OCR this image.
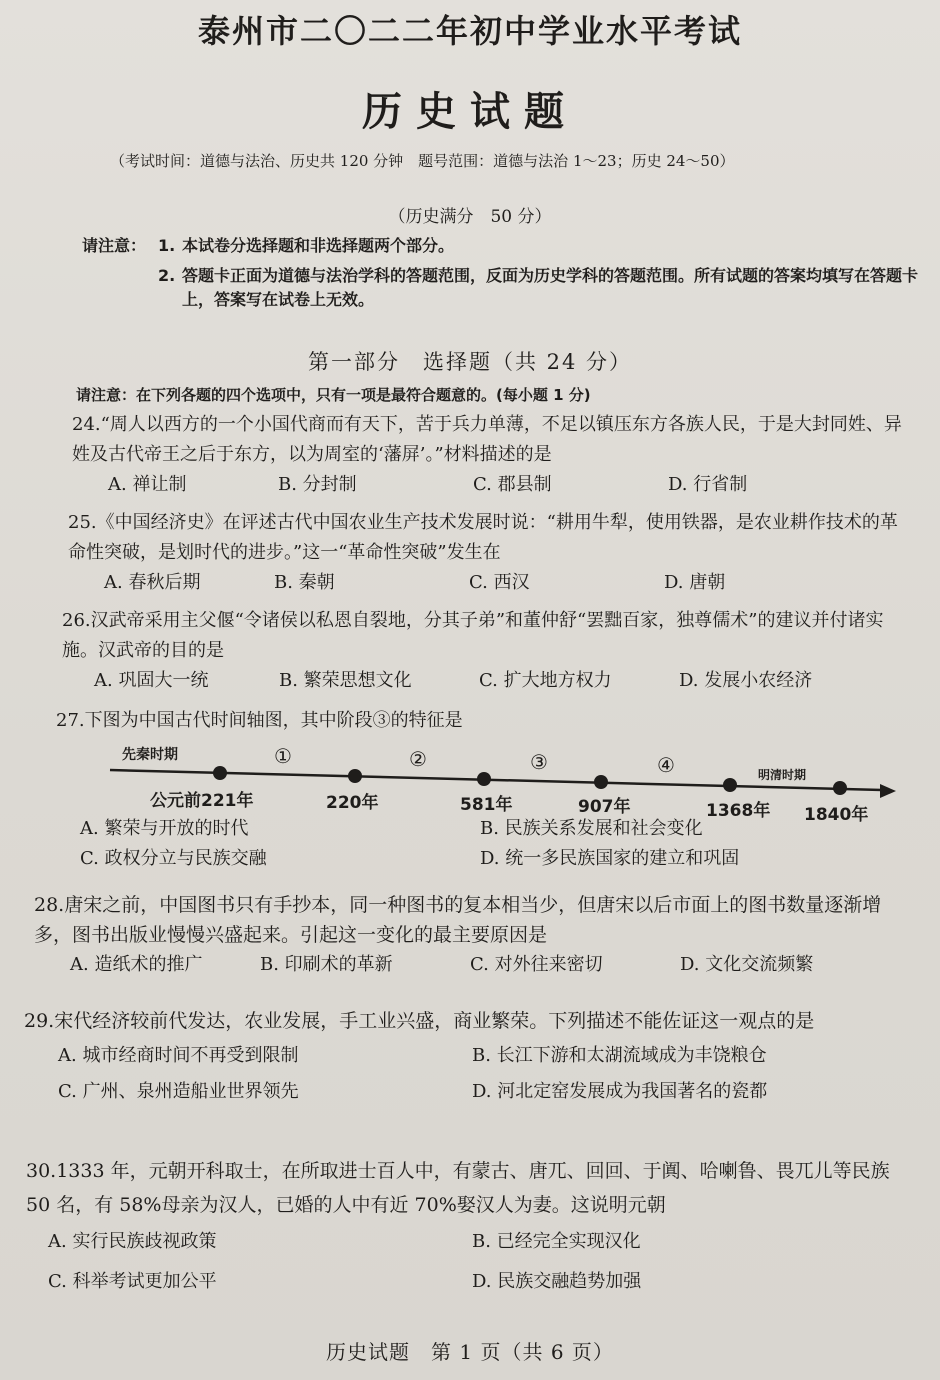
泰州市二〇二二年初中学业水平考试
历史试题
（考试时间：道德与法治、历史共 120 分钟　题号范围：道德与法治 1～23；历史 24～50）
（历史满分　50 分）
请注意： 1. 本试卷分选择题和非选择题两个部分。
2. 答题卡正面为道德与法治学科的答题范围，反面为历史学科的答题范围。所有试题的答案均填写在答题卡上，答案写在试卷上无效。
第一部分　选择题（共 24 分）
请注意：在下列各题的四个选项中，只有一项是最符合题意的。(每小题 1 分)
24.“周人以西方的一个小国代商而有天下，苦于兵力单薄，不足以镇压东方各族人民，于是大封同姓、异姓及古代帝王之后于东方，以为周室的‘藩屏’。”材料描述的是
A. 禅让制	B. 分封制	C. 郡县制	D. 行省制
25.《中国经济史》在评述古代中国农业生产技术发展时说：“耕用牛犁，使用铁器，是农业耕作技术的革命性突破，是划时代的进步。”这一“革命性突破”发生在
A. 春秋后期	B. 秦朝	C. 西汉	D. 唐朝
26.汉武帝采用主父偃“令诸侯以私恩自裂地，分其子弟”和董仲舒“罢黜百家，独尊儒术”的建议并付诸实施。汉武帝的目的是
A. 巩固大一统	B. 繁荣思想文化	C. 扩大地方权力	D. 发展小农经济
27.下图为中国古代时间轴图，其中阶段③的特征是
先秦时期
明清时期
①	②	③	④
公元前221年	220年	581年	907年	1368年 1840年
A. 繁荣与开放的时代	B. 民族关系发展和社会变化
C. 政权分立与民族交融	D. 统一多民族国家的建立和巩固
28.唐宋之前，中国图书只有手抄本，同一种图书的复本相当少，但唐宋以后市面上的图书数量逐渐增多，图书出版业慢慢兴盛起来。引起这一变化的最主要原因是
A. 造纸术的推广	B. 印刷术的革新	C. 对外往来密切	D. 文化交流频繁
29.宋代经济较前代发达，农业发展，手工业兴盛，商业繁荣。下列描述不能佐证这一观点的是
A. 城市经商时间不再受到限制	B. 长江下游和太湖流域成为丰饶粮仓
C. 广州、泉州造船业世界领先	D. 河北定窑发展成为我国著名的瓷都
30.1333 年，元朝开科取士，在所取进士百人中，有蒙古、唐兀、回回、于阗、哈喇鲁、畏兀儿等民族 50 名，有 58%母亲为汉人，已婚的人中有近 70%娶汉人为妻。这说明元朝
A. 实行民族歧视政策	B. 已经完全实现汉化
C. 科举考试更加公平	D. 民族交融趋势加强
历史试题　第 1 页（共 6 页）
